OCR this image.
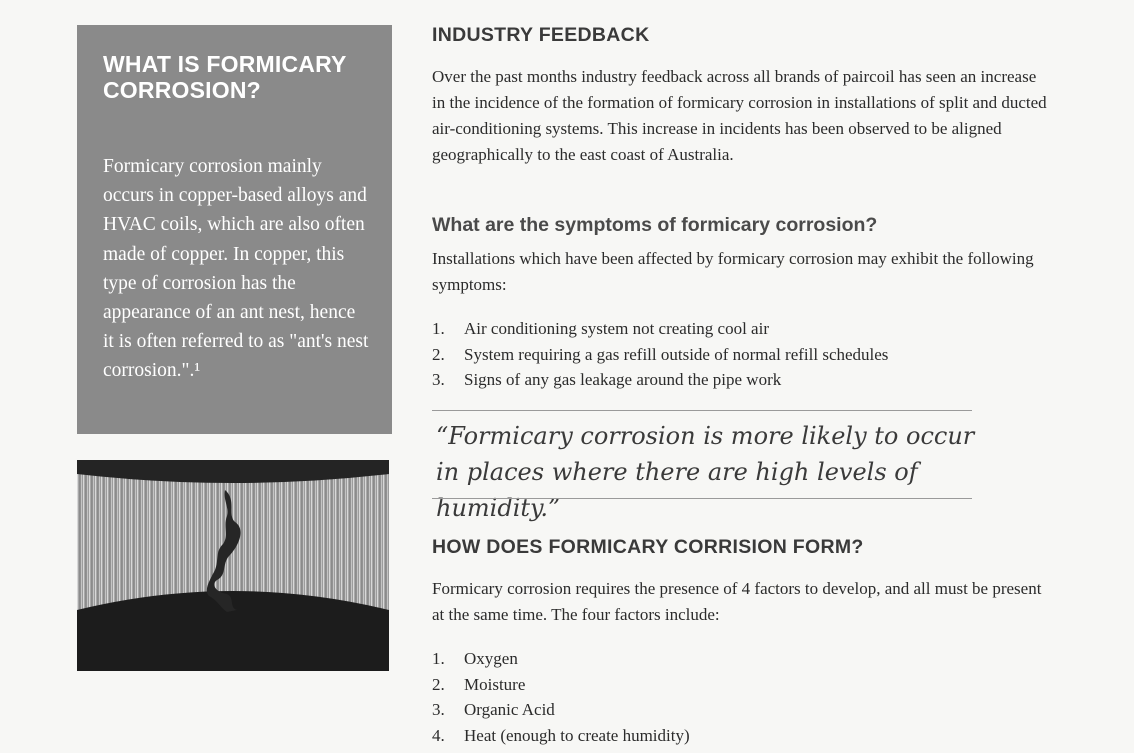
WHAT IS FORMICARY CORROSION?

Formicary corrosion mainly occurs in copper-based alloys and HVAC coils, which are also often made of copper. In copper, this type of corrosion has the appearance of an ant nest, hence it is often referred to as "ant's nest corrosion.".¹

INDUSTRY FEEDBACK

Over the past months industry feedback across all brands of paircoil has seen an increase in the incidence of the formation of formicary corrosion in installations of split and ducted air-conditioning systems. This increase in incidents has been observed to be aligned geographically to the east coast of Australia.

What are the symptoms of formicary corrosion?

Installations which have been affected by formicary corrosion may exhibit the following symptoms:

1. Air conditioning system not creating cool air
2. System requiring a gas refill outside of normal refill schedules
3. Signs of any gas leakage around the pipe work

“Formicary corrosion is more likely to occur in places where there are high levels of humidity.”

HOW DOES FORMICARY CORRISION FORM?

Formicary corrosion requires the presence of 4 factors to develop, and all must be present at the same time. The four factors include:

1. Oxygen
2. Moisture
3. Organic Acid
4. Heat (enough to create humidity)
